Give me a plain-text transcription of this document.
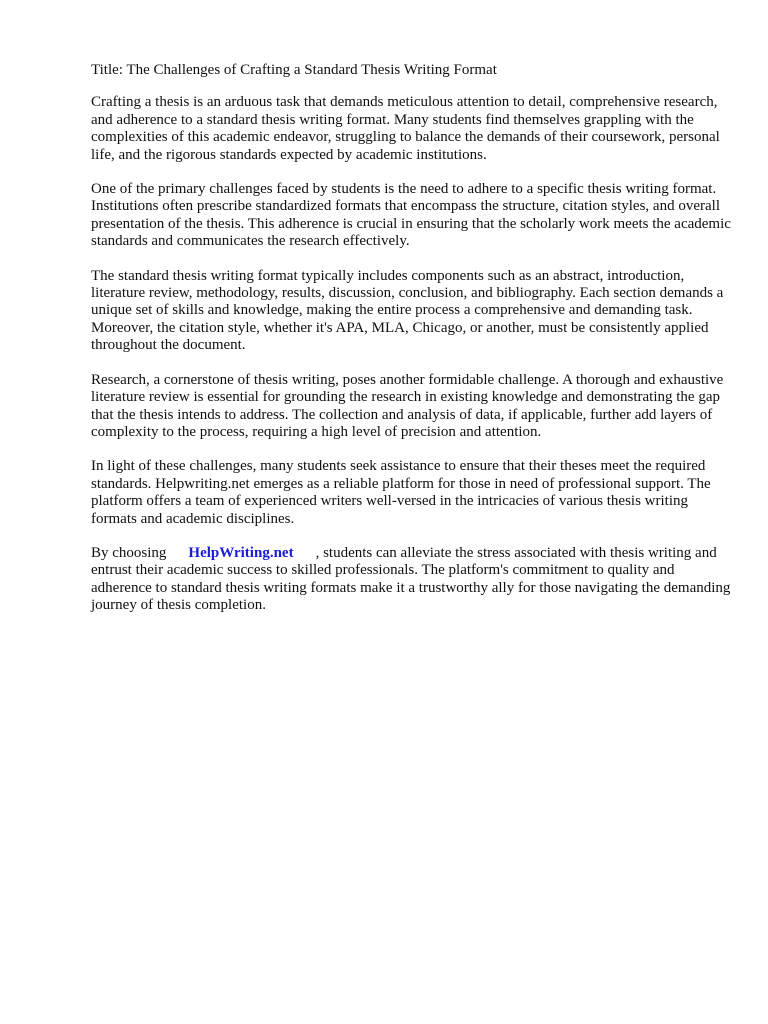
Title: The Challenges of Crafting a Standard Thesis Writing Format

Crafting a thesis is an arduous task that demands meticulous attention to detail, comprehensive research, and adherence to a standard thesis writing format. Many students find themselves grappling with the complexities of this academic endeavor, struggling to balance the demands of their coursework, personal life, and the rigorous standards expected by academic institutions.

One of the primary challenges faced by students is the need to adhere to a specific thesis writing format. Institutions often prescribe standardized formats that encompass the structure, citation styles, and overall presentation of the thesis. This adherence is crucial in ensuring that the scholarly work meets the academic standards and communicates the research effectively.

The standard thesis writing format typically includes components such as an abstract, introduction, literature review, methodology, results, discussion, conclusion, and bibliography. Each section demands a unique set of skills and knowledge, making the entire process a comprehensive and demanding task. Moreover, the citation style, whether it's APA, MLA, Chicago, or another, must be consistently applied throughout the document.

Research, a cornerstone of thesis writing, poses another formidable challenge. A thorough and exhaustive literature review is essential for grounding the research in existing knowledge and demonstrating the gap that the thesis intends to address. The collection and analysis of data, if applicable, further add layers of complexity to the process, requiring a high level of precision and attention.

In light of these challenges, many students seek assistance to ensure that their theses meet the required standards. Helpwriting.net emerges as a reliable platform for those in need of professional support. The platform offers a team of experienced writers well-versed in the intricacies of various thesis writing formats and academic disciplines.

By choosing HelpWriting.net , students can alleviate the stress associated with thesis writing and entrust their academic success to skilled professionals. The platform's commitment to quality and adherence to standard thesis writing formats make it a trustworthy ally for those navigating the demanding journey of thesis completion.
